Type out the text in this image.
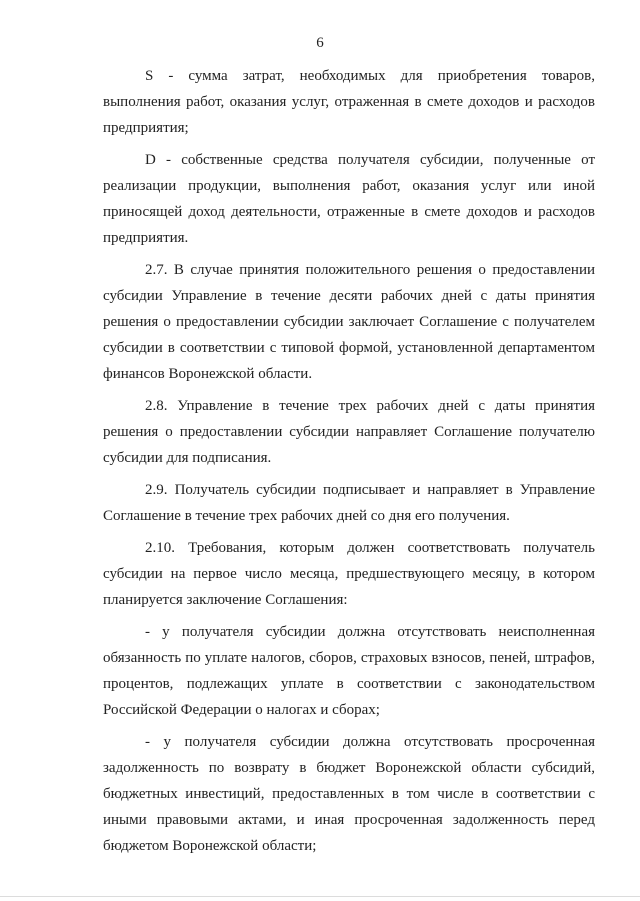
6

S - сумма затрат, необходимых для приобретения товаров, выполнения работ, оказания услуг, отраженная в смете доходов и расходов предприятия;

D - собственные средства получателя субсидии, полученные от реализации продукции, выполнения работ, оказания услуг или иной приносящей доход деятельности, отраженные в смете доходов и расходов предприятия.

2.7. В случае принятия положительного решения о предоставлении субсидии Управление в течение десяти рабочих дней с даты принятия решения о предоставлении субсидии заключает Соглашение с получателем субсидии в соответствии с типовой формой, установленной департаментом финансов Воронежской области.

2.8. Управление в течение трех рабочих дней с даты принятия решения о предоставлении субсидии направляет Соглашение получателю субсидии для подписания.

2.9. Получатель субсидии подписывает и направляет в Управление Соглашение в течение трех рабочих дней со дня его получения.

2.10. Требования, которым должен соответствовать получатель субсидии на первое число месяца, предшествующего месяцу, в котором планируется заключение Соглашения:

- у получателя субсидии должна отсутствовать неисполненная обязанность по уплате налогов, сборов, страховых взносов, пеней, штрафов, процентов, подлежащих уплате в соответствии с законодательством Российской Федерации о налогах и сборах;

- у получателя субсидии должна отсутствовать просроченная задолженность по возврату в бюджет Воронежской области субсидий, бюджетных инвестиций, предоставленных в том числе в соответствии с иными правовыми актами, и иная просроченная задолженность перед бюджетом Воронежской области;
